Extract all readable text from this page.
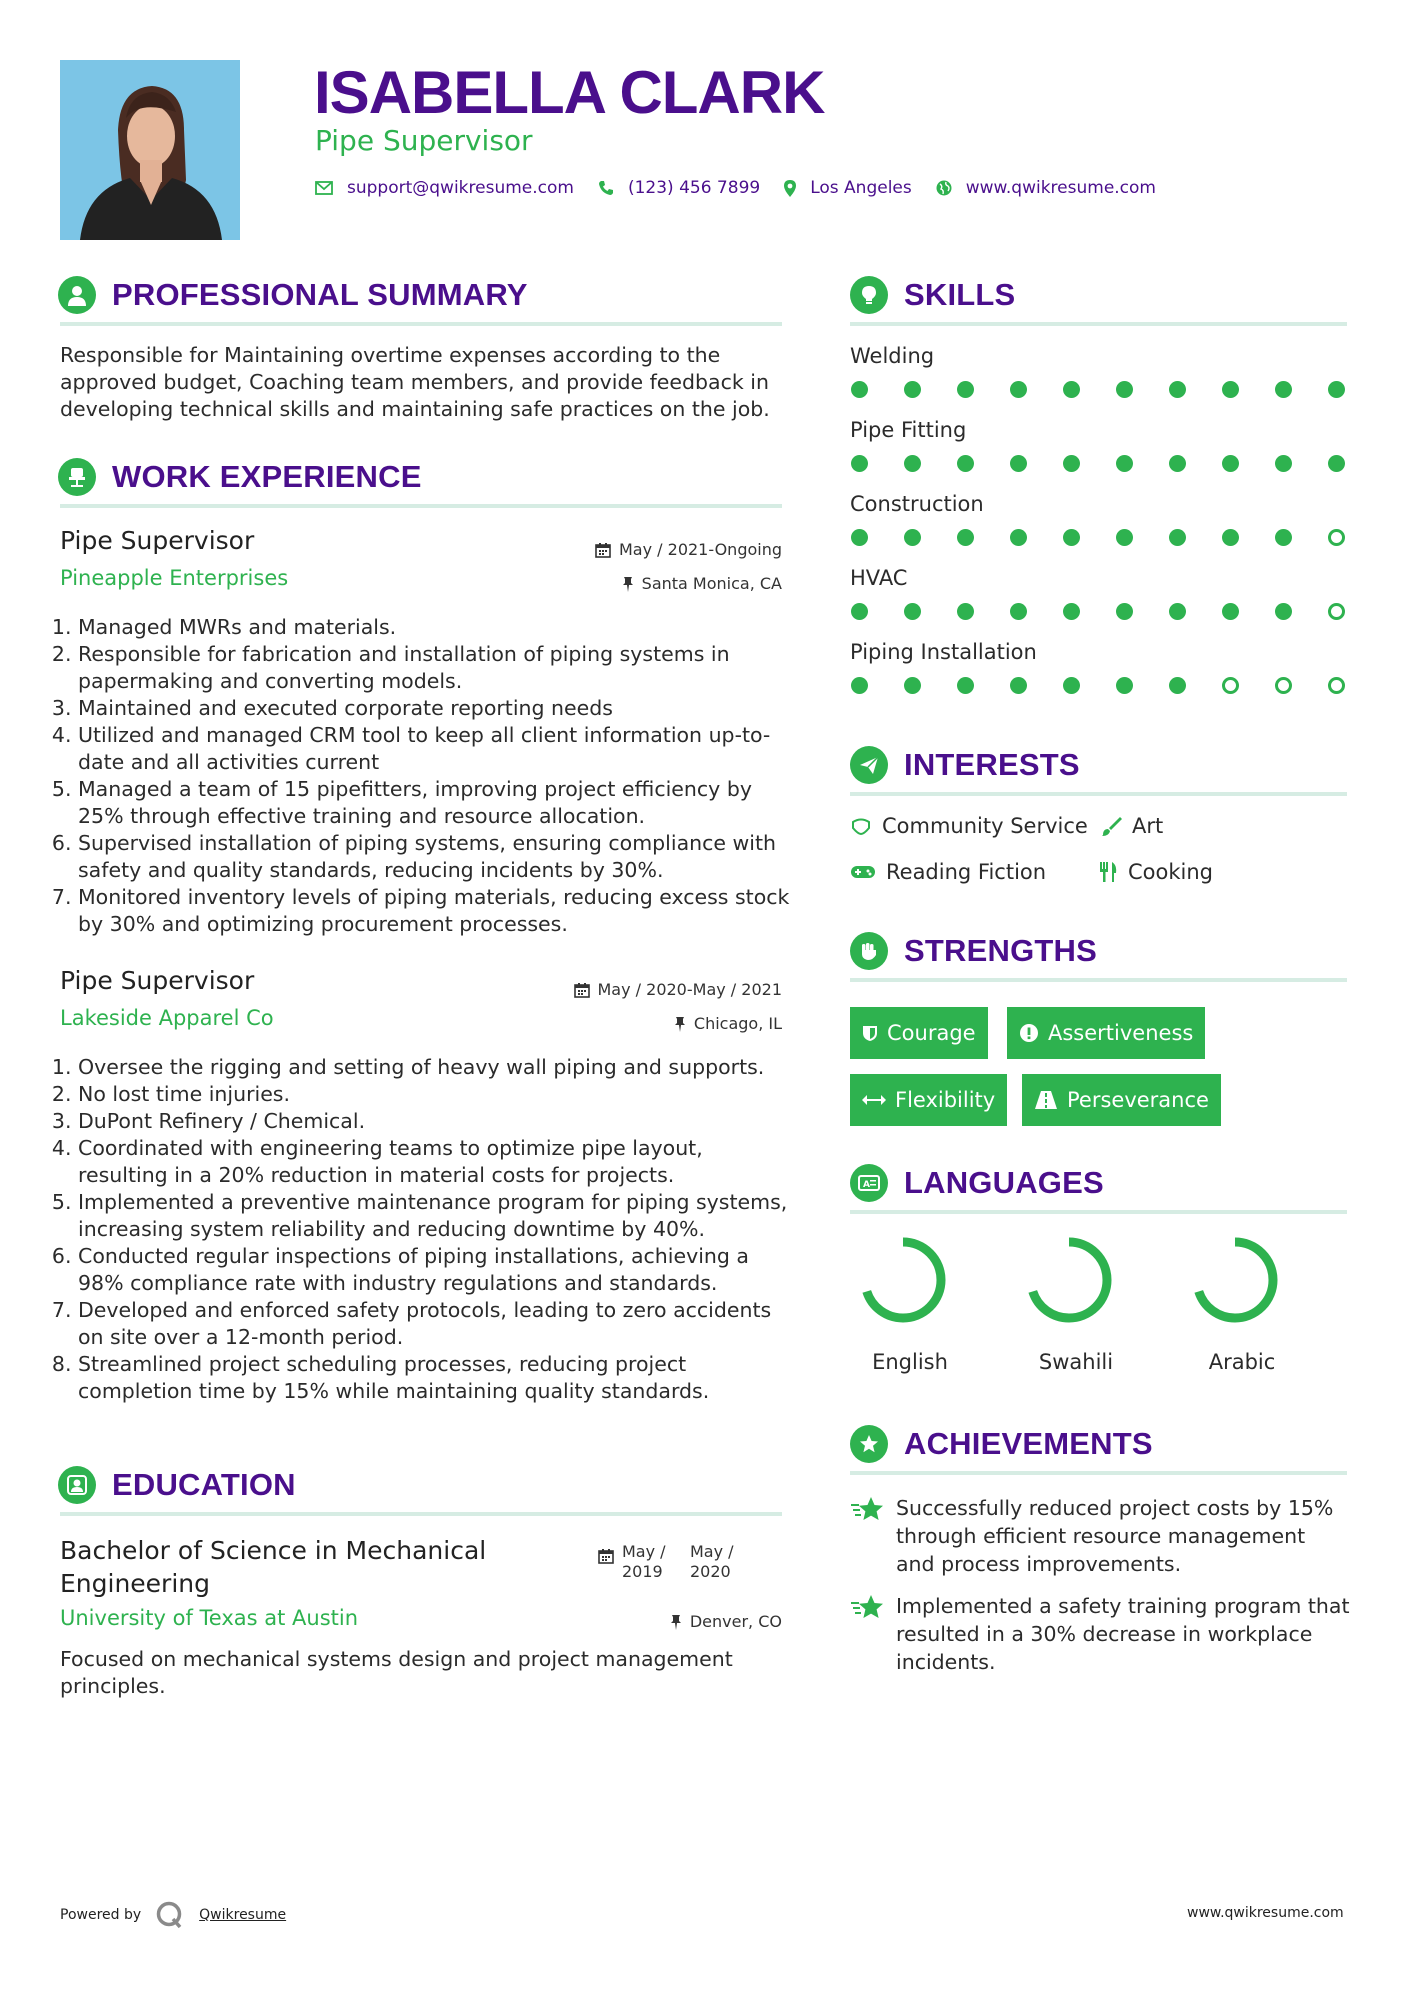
ISABELLA CLARK
Pipe Supervisor
support@qwikresume.com	(123) 456 7899	Los Angeles	www.qwikresume.com
PROFESSIONAL SUMMARY
Responsible for Maintaining overtime expenses according to the approved budget, Coaching team members, and provide feedback in developing technical skills and maintaining safe practices on the job.
WORK EXPERIENCE
Pipe Supervisor
Pineapple Enterprises
May / 2021-Ongoing
Santa Monica, CA
1. Managed MWRs and materials.
2. Responsible for fabrication and installation of piping systems in papermaking and converting models.
3. Maintained and executed corporate reporting needs
4. Utilized and managed CRM tool to keep all client information up-to-date and all activities current
5. Managed a team of 15 pipefitters, improving project efficiency by 25% through effective training and resource allocation.
6. Supervised installation of piping systems, ensuring compliance with safety and quality standards, reducing incidents by 30%.
7. Monitored inventory levels of piping materials, reducing excess stock by 30% and optimizing procurement processes.
Pipe Supervisor
Lakeside Apparel Co
May / 2020-May / 2021
Chicago, IL
1. Oversee the rigging and setting of heavy wall piping and supports.
2. No lost time injuries.
3. DuPont Refinery / Chemical.
4. Coordinated with engineering teams to optimize pipe layout, resulting in a 20% reduction in material costs for projects.
5. Implemented a preventive maintenance program for piping systems, increasing system reliability and reducing downtime by 40%.
6. Conducted regular inspections of piping installations, achieving a 98% compliance rate with industry regulations and standards.
7. Developed and enforced safety protocols, leading to zero accidents on site over a 12-month period.
8. Streamlined project scheduling processes, reducing project completion time by 15% while maintaining quality standards.
EDUCATION
Bachelor of Science in Mechanical Engineering
May / 2019
May / 2020
University of Texas at Austin	Denver, CO
Focused on mechanical systems design and project management principles.
SKILLS
Welding
Pipe Fitting
Construction
HVAC
Piping Installation
INTERESTS
Community Service Art
Reading Fiction	Cooking
STRENGTHS
Courage	Assertiveness
Flexibility	Perseverance
A LANGUAGES
English	Swahili	Arabic
ACHIEVEMENTS
Successfully reduced project costs by 15% through efficient resource management and process improvements.
Implemented a safety training program that resulted in a 30% decrease in workplace incidents.
Powered by	Qwikresume	www.qwikresume.com
